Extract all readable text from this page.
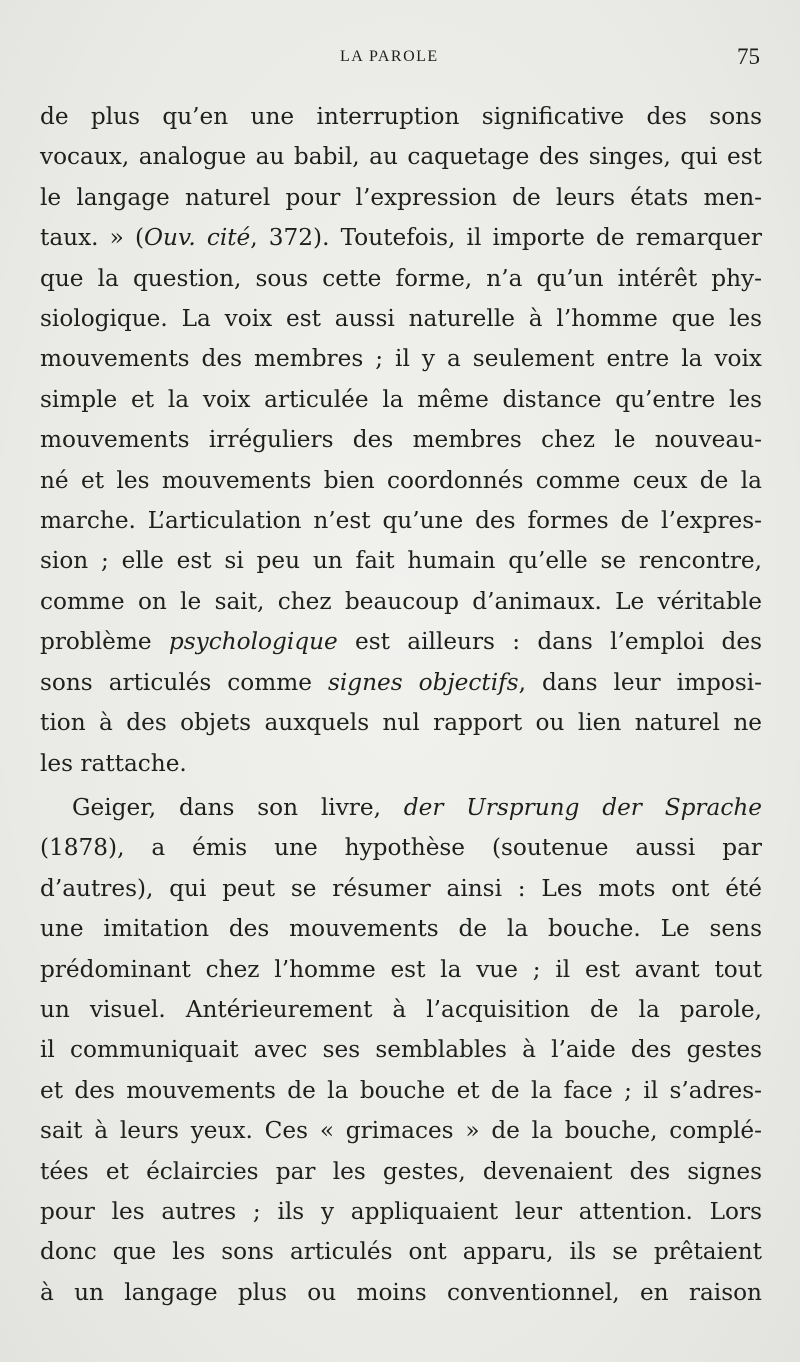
LA PAROLE	75

de plus qu’en une interruption significative des sons
vocaux, analogue au babil, au caquetage des singes, qui est
le langage naturel pour l’expression de leurs états men-
taux. » (Ouv. cité, 372). Toutefois, il importe de remarquer
que la question, sous cette forme, n’a qu’un intérêt phy-
siologique. La voix est aussi naturelle à l’homme que les
mouvements des membres ; il y a seulement entre la voix
simple et la voix articulée la même distance qu’entre les
mouvements irréguliers des membres chez le nouveau-
né et les mouvements bien coordonnés comme ceux de la
marche. L’articulation n’est qu’une des formes de l’expres-
sion ; elle est si peu un fait humain qu’elle se rencontre,
comme on le sait, chez beaucoup d’animaux. Le véritable
problème psychologique est ailleurs : dans l’emploi des
sons articulés comme signes objectifs, dans leur imposi-
tion à des objets auxquels nul rapport ou lien naturel ne
les rattache.

Geiger, dans son livre, der Ursprung der Sprache
(1878), a émis une hypothèse (soutenue aussi par
d’autres), qui peut se résumer ainsi : Les mots ont été
une imitation des mouvements de la bouche. Le sens
prédominant chez l’homme est la vue ; il est avant tout
un visuel. Antérieurement à l’acquisition de la parole,
il communiquait avec ses semblables à l’aide des gestes
et des mouvements de la bouche et de la face ; il s’adres-
sait à leurs yeux. Ces « grimaces » de la bouche, complé-
tées et éclaircies par les gestes, devenaient des signes
pour les autres ; ils y appliquaient leur attention. Lors
donc que les sons articulés ont apparu, ils se prêtaient
à un langage plus ou moins conventionnel, en raison
